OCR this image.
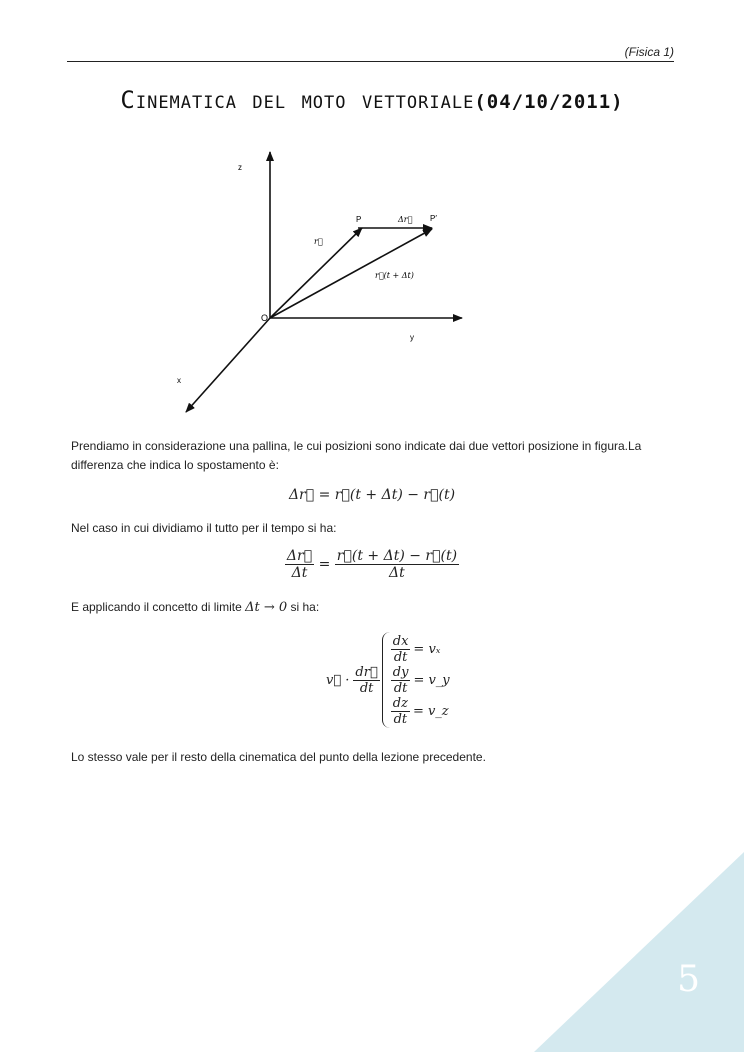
(Fisica 1)
Cinematica del moto vettoriale(04/10/2011)
z
y
x
O
P	P′
r⃗
Δr⃗
r⃗(t + Δt)
Prendiamo in considerazione una pallina, le cui posizioni sono indicate dai due vettori posizione in figura.La differenza che indica lo spostamento è:
Δr⃗ = r⃗(t + Δt) − r⃗(t)
Nel caso in cui dividiamo il tutto per il tempo si ha:
$\frac{\Delta r⃗}{\Delta t} = \frac{r⃗(t + \Delta t) - r⃗(t)}{\Delta t}$
E applicando il concetto di limite Δt → 0 si ha:
v⃗ · $\frac{dr⃗}{dt}$
$\frac{dx}{dt} = v_x$
$\frac{dy}{dt}$ = v_y
$\frac{dz}{dt}$ = v_z
Lo stesso vale per il resto della cinematica del punto della lezione precedente.
5
